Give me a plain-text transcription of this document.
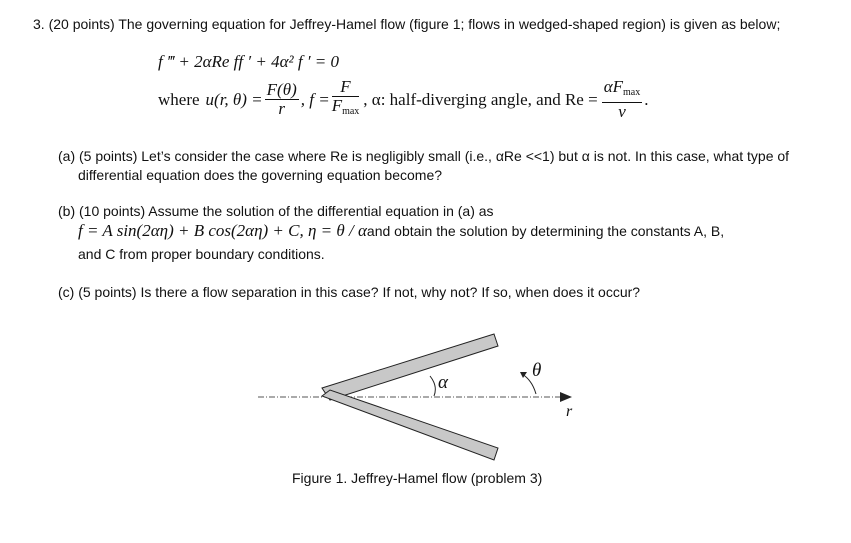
3. (20 points) The governing equation for Jeffrey-Hamel flow (figure 1; flows in wedged-shaped region) is given as below;
f ‴ + 2αRe ff ′ + 4α² f ′ = 0
where u(r, $\theta) = \frac{F(\theta)}{r}$ , $f = \frac{F}{F_{max}}$ , α: half-diverging angle, and $Re = \frac{\alpha F_{max}}{\nu}$ .
(a) (5 points) Let’s consider the case where Re is negligibly small (i.e., αRe <<1) but α is not. In this case, what type of
differential equation does the governing equation become?
(b) (10 points) Assume the solution of the differential equation in (a) as
f = A sin(2αη) + B cos(2αη) + C, η = θ / α and obtain the solution by determining the constants A, B,
and C from proper boundary conditions.
(c) (5 points) Is there a flow separation in this case? If not, why not? If so, when does it occur?
α
θ
r
Figure 1. Jeffrey-Hamel flow (problem 3)
